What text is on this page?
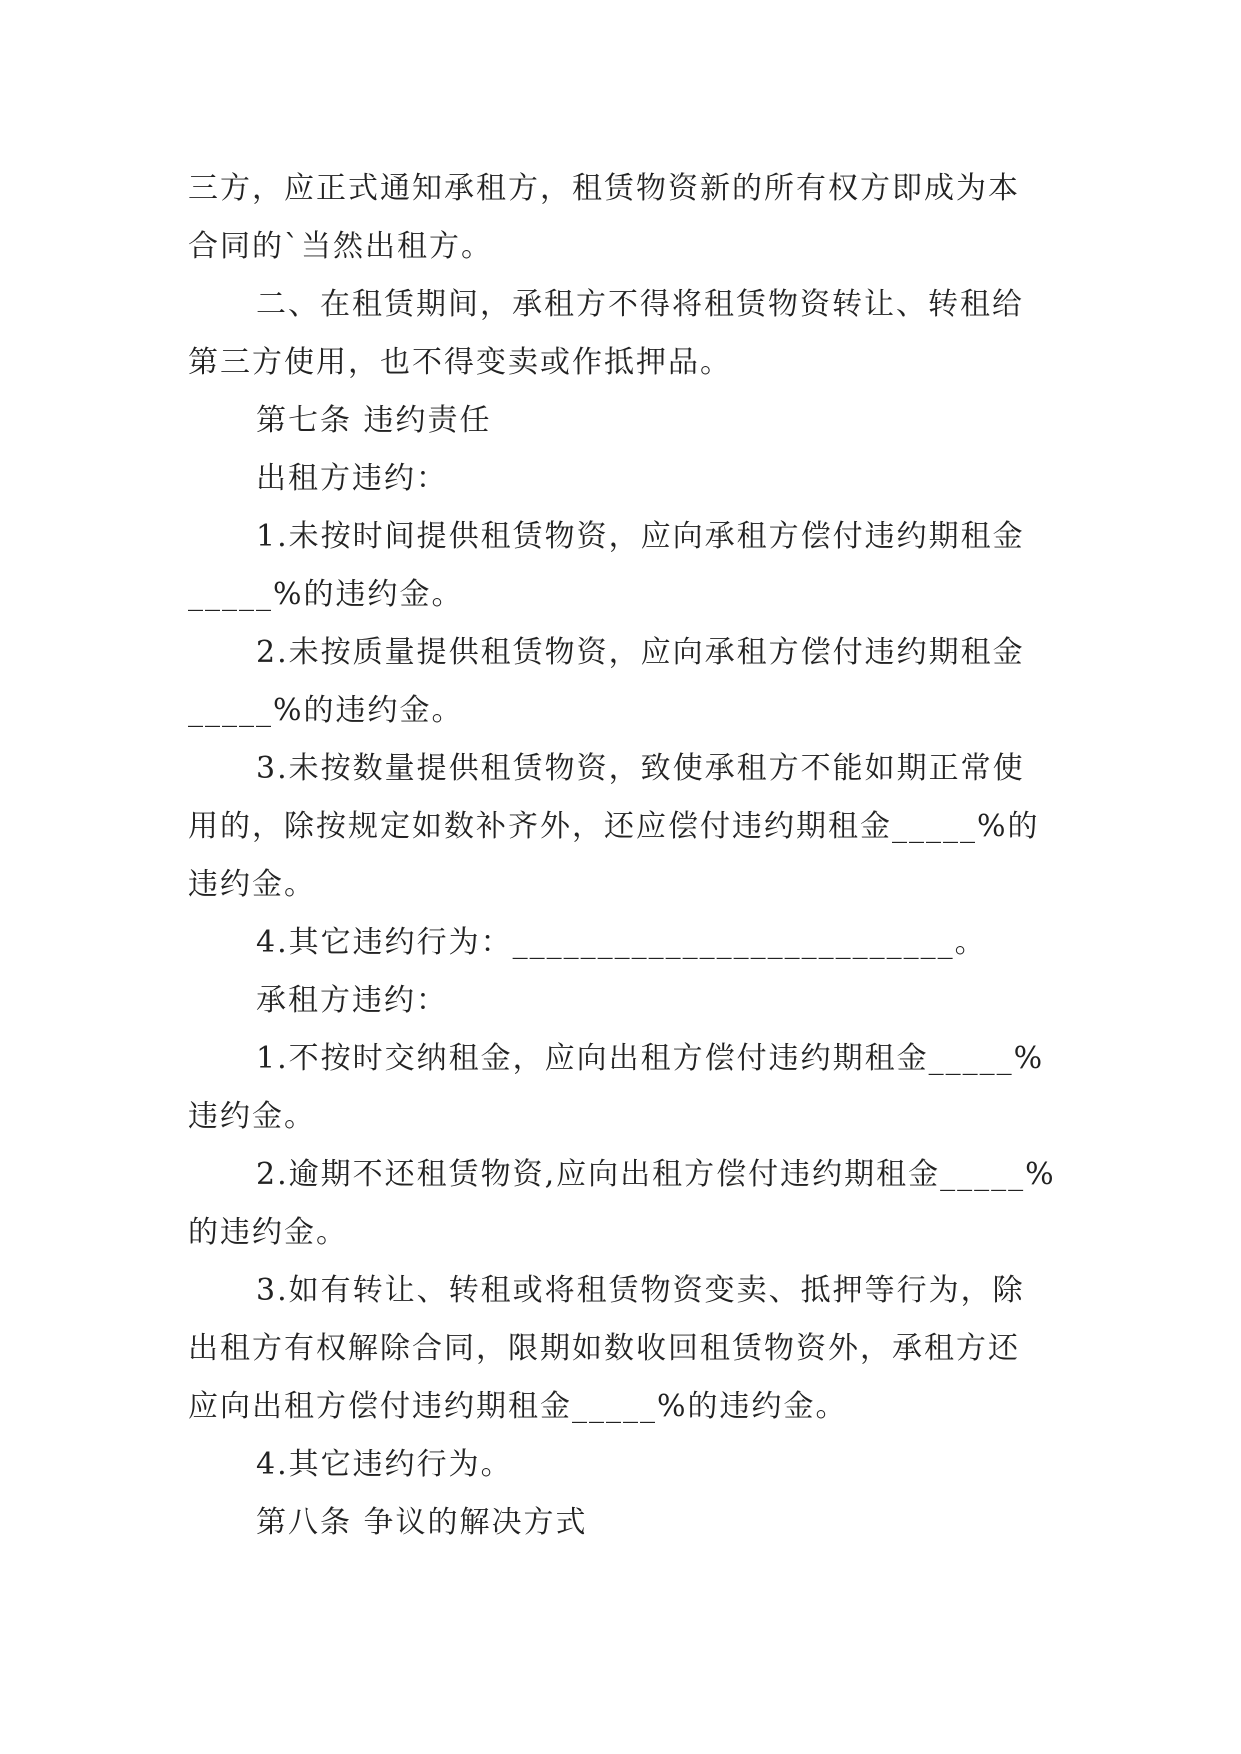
三方，应正式通知承租方，租赁物资新的所有权方即成为本
合同的`当然出租方。
二、在租赁期间，承租方不得将租赁物资转让、转租给
第三方使用，也不得变卖或作抵押品。
第七条 违约责任
出租方违约：
1.未按时间提供租赁物资，应向承租方偿付违约期租金
_____%的违约金。
2.未按质量提供租赁物资，应向承租方偿付违约期租金
_____%的违约金。
3.未按数量提供租赁物资，致使承租方不能如期正常使
用的，除按规定如数补齐外，还应偿付违约期租金_____%的
违约金。
4.其它违约行为：__________________________。
承租方违约：
1.不按时交纳租金，应向出租方偿付违约期租金_____%
违约金。
2.逾期不还租赁物资,应向出租方偿付违约期租金_____%
的违约金。
3.如有转让、转租或将租赁物资变卖、抵押等行为，除
出租方有权解除合同，限期如数收回租赁物资外，承租方还
应向出租方偿付违约期租金_____%的违约金。
4.其它违约行为。
第八条 争议的解决方式
